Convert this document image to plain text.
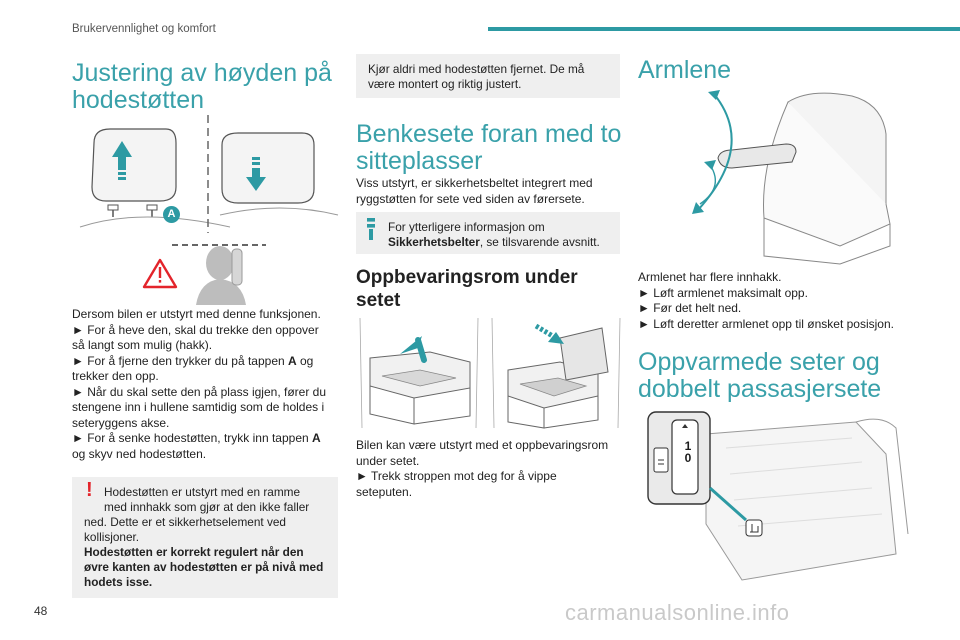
Brukervennlighet og komfort
Justering av høyden på
hodestøtten
A

Dersom bilen er utstyrt med denne funksjonen.

► For å heve den, skal du trekke den oppover

så langt som mulig (hakk).

► For å fjerne den trykker du på tappen A og

trekker den opp.

► Når du skal sette den på plass igjen, fører du

stengene inn i hullene samtidig som de holdes i

seteryggens akse.

► For å senke hodestøtten, trykk inn tappen A

og skyv ned hodestøtten.

Hodestøtten er utstyrt med en ramme
med innhakk som gjør at den ikke faller
ned. Dette er et sikkerhetselement ved
kollisjoner.
Hodestøtten er korrekt regulert når den
øvre kanten av hodestøtten er på nivå med
hodets isse.
!
Kjør aldri med hodestøtten fjernet. De må
være montert og riktig justert.
Benkesete foran med to
sitteplasser

Viss utstyrt, er sikkerhetsbeltet integrert med

ryggstøtten for sete ved siden av førersete.

For ytterligere informasjon om
Sikkerhetsbelter, se tilsvarende avsnitt.
Oppbevaringsrom under
setet

Bilen kan være utstyrt med et oppbevaringsrom

under setet.

► Trekk stroppen mot deg for å vippe

seteputen.

Armlene

Armlenet har flere innhakk.

► Løft armlenet maksimalt opp.

► Før det helt ned.

► Løft deretter armlenet opp til ønsket posisjon.

Oppvarmede seter og
dobbelt passasjersete
1
0
48	carmanualsonline.info
